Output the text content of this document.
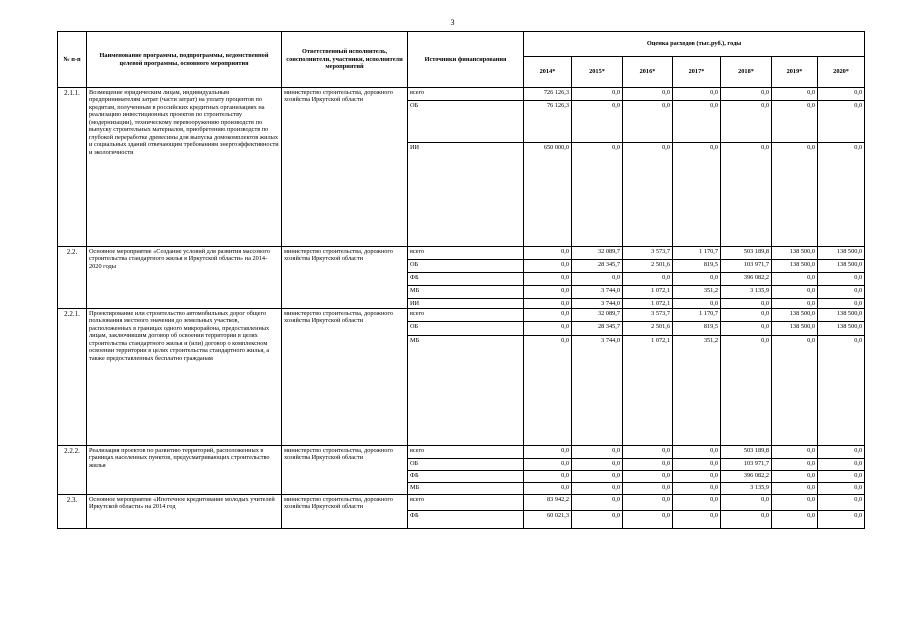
3
№ п-п	Наименование программы, подпрограммы, ведомственной целевой программы, основного мероприятия	Ответственный исполнитель, соисполнители, участники, исполнители мероприятий	Источники финансирования	Оценка расходов (тыс.руб.), годы						
				2014*	2015*	2016*	2017*	2018*	2019*	2020*
2.1.1.	Возмещение юридическим лицам, индивидуальным предпринимателям затрат (части затрат) на уплату процентов по кредитам, полученным в российских кредитных организациях на реализацию инвестиционных проектов по строительству (модернизации), техническому перевооружению производств по выпуску строительных материалов, приобретению производств по глубокой переработке древесины для выпуска домокомплектов жилых и социальных зданий отвечающим требованиям энергоэффективности и экологичности	министерство строительства, дорожного хозяйства Иркутской области	всего	726 126,3	0,0	0,0	0,0	0,0	0,0	0,0
			ОБ	76 126,3	0,0	0,0	0,0	0,0	0,0	0,0
			ИИ	650 000,0	0,0	0,0	0,0	0,0	0,0	0,0
2.2.	Основное мероприятие «Создание условий для развития массового строительства стандартного жилья в Иркутской области» на 2014-2020 годы	министерство строительства, дорожного хозяйства Иркутской области	всего	0,0	32 089,7	3 573,7	1 170,7	503 189,8	138 500,0	138 500,0
			ОБ	0,0	28 345,7	2 501,6	819,5	103 971,7	138 500,0	138 500,0
			ФБ	0,0	0,0	0,0	0,0	396 082,2	0,0	0,0
			МБ	0,0	3 744,0	1 072,1	351,2	3 135,9	0,0	0,0
			ИИ	0,0	3 744,0	1 072,1	0,0	0,0	0,0	0,0
2.2.1.	Проектирование или строительство автомобильных дорог общего пользования местного значения до земельных участков, расположенных в границах одного микрорайона, предоставленных лицам, заключившим договор об освоении территории в целях строительства стандартного жилья и (или) договор о комплексном освоении территории в целях строительства стандартного жилья, а также предоставленных бесплатно гражданам	министерство строительства, дорожного хозяйства Иркутской области	всего	0,0	32 089,7	3 573,7	1 170,7	0,0	138 500,0	138 500,0
			ОБ	0,0	28 345,7	2 501,6	819,5	0,0	138 500,0	138 500,0
			МБ	0,0	3 744,0	1 072,1	351,2	0,0	0,0	0,0
2.2.2.	Реализация проектов по развитию территорий, расположенных в границах населенных пунктов, предусматривающих строительство жилья	министерство строительства, дорожного хозяйства Иркутской области	всего	0,0	0,0	0,0	0,0	503 189,8	0,0	0,0
			ОБ	0,0	0,0	0,0	0,0	103 971,7	0,0	0,0
			ФБ	0,0	0,0	0,0	0,0	396 082,2	0,0	0,0
			МБ	0,0	0,0	0,0	0,0	3 135,9	0,0	0,0
2.3.	Основное мероприятие «Ипотечное кредитование молодых учителей Иркутской области» на 2014 год	министерство строительства, дорожного хозяйства Иркутской области	всего	83 942,2	0,0	0,0	0,0	0,0	0,0	0,0
			ФБ	60 021,3	0,0	0,0	0,0	0,0	0,0	0,0
